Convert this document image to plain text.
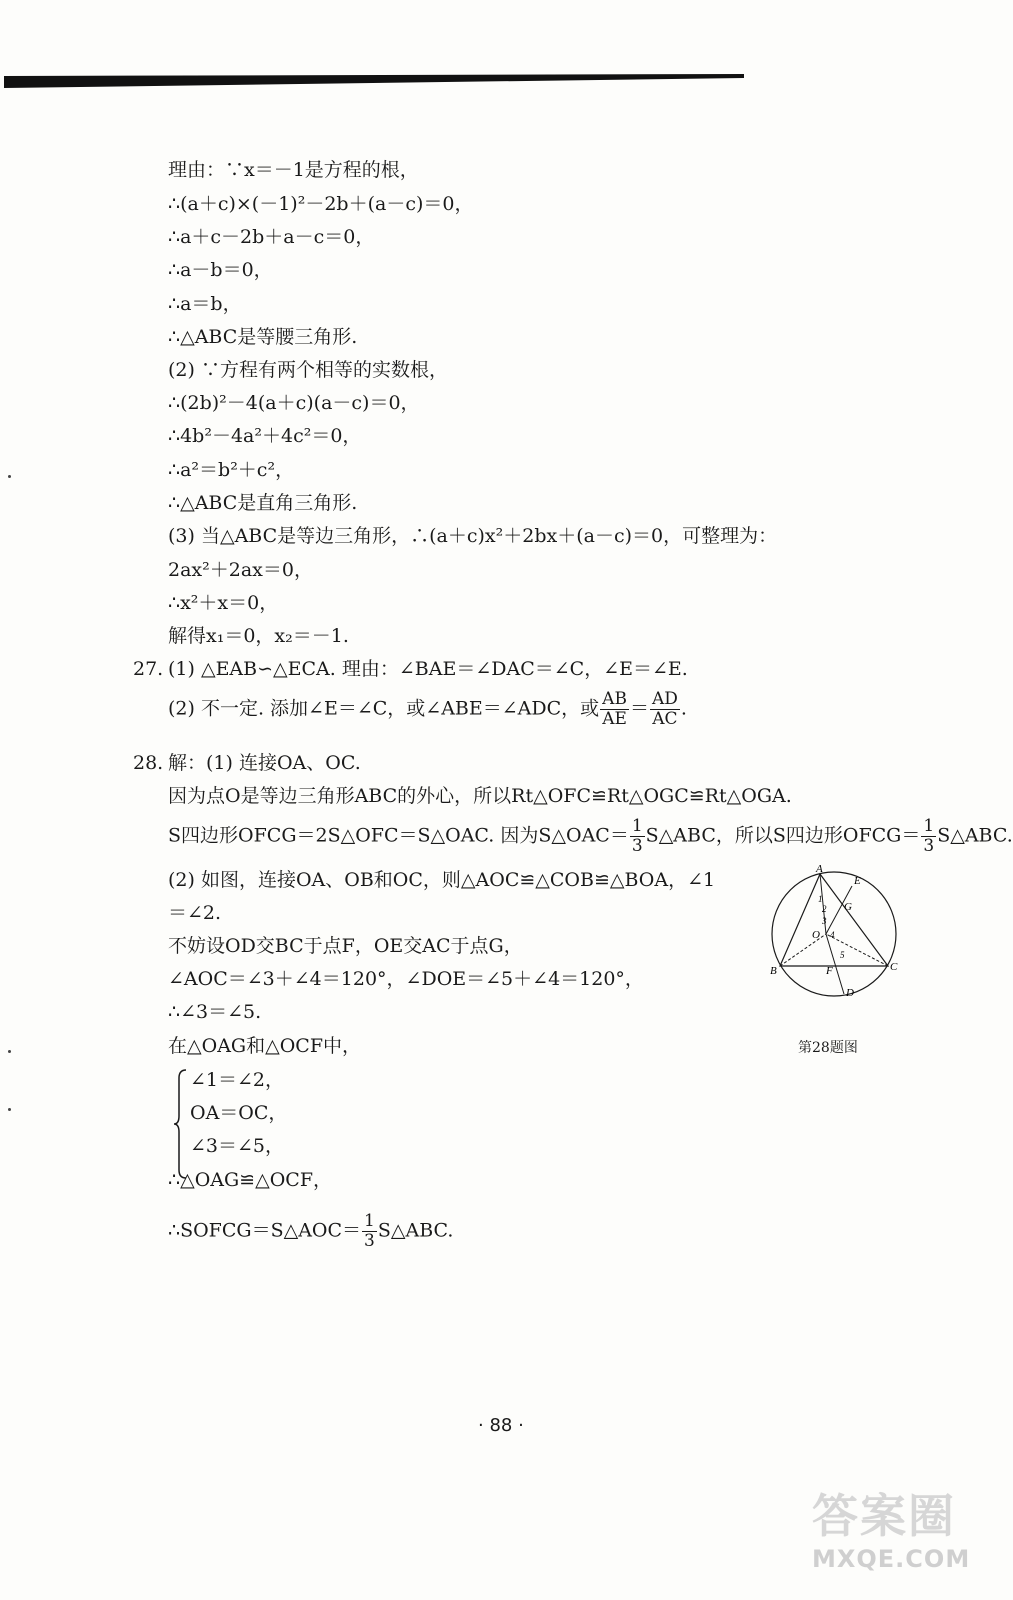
理由：∵x＝－1是方程的根，
∴(a＋c)×(－1)²－2b＋(a－c)＝0，
∴a＋c－2b＋a－c＝0，
∴a－b＝0，
∴a＝b，
∴△ABC是等腰三角形.
(2) ∵方程有两个相等的实数根，
∴(2b)²－4(a＋c)(a－c)＝0，
∴4b²－4a²＋4c²＝0，
∴a²＝b²＋c²，
∴△ABC是直角三角形.
(3) 当△ABC是等边三角形，∴(a＋c)x²＋2bx＋(a－c)＝0，可整理为：
2ax²＋2ax＝0，
∴x²＋x＝0，
解得x₁＝0，x₂＝－1.
27. (1) △EAB∽△ECA. 理由：∠BAE＝∠DAC＝∠C，∠E＝∠E.
(2) 不一定. 添加∠E＝∠C，或∠ABE＝∠ADC，或 $\frac{AB}{AE} = \frac{AD}{AC}$ .
28. 解：(1) 连接OA、OC.
因为点O是等边三角形ABC的外心，所以Rt△OFC≌Rt△OGC≌Rt△OGA.
S四边形OFCG＝2S△OFC＝S△OAC. 因为S△OAC＝ $\frac{1}{3}$ S△ABC，所以S四边形OFCG＝ $\frac{1}{3}$ S△ABC.
(2) 如图，连接OA、OB和OC，则△AOC≌△COB≌△BOA，∠1
＝∠2.
不妨设OD交BC于点F，OE交AC于点G，
∠AOC＝∠3＋∠4＝120°，∠DOE＝∠5＋∠4＝120°，
∴∠3＝∠5.
在△OAG和△OCF中，
∠1＝∠2，
OA＝OC，
∠3＝∠5，
∴△OAG≌△OCF，
∴SOFCG＝S△AOC＝ $\frac{1}{3}$ S△ABC.
A
E
G
O
B	C
F
D
1
2
3
4
5
第28题图
· 88 ·
答案圈
MXQE.COM
